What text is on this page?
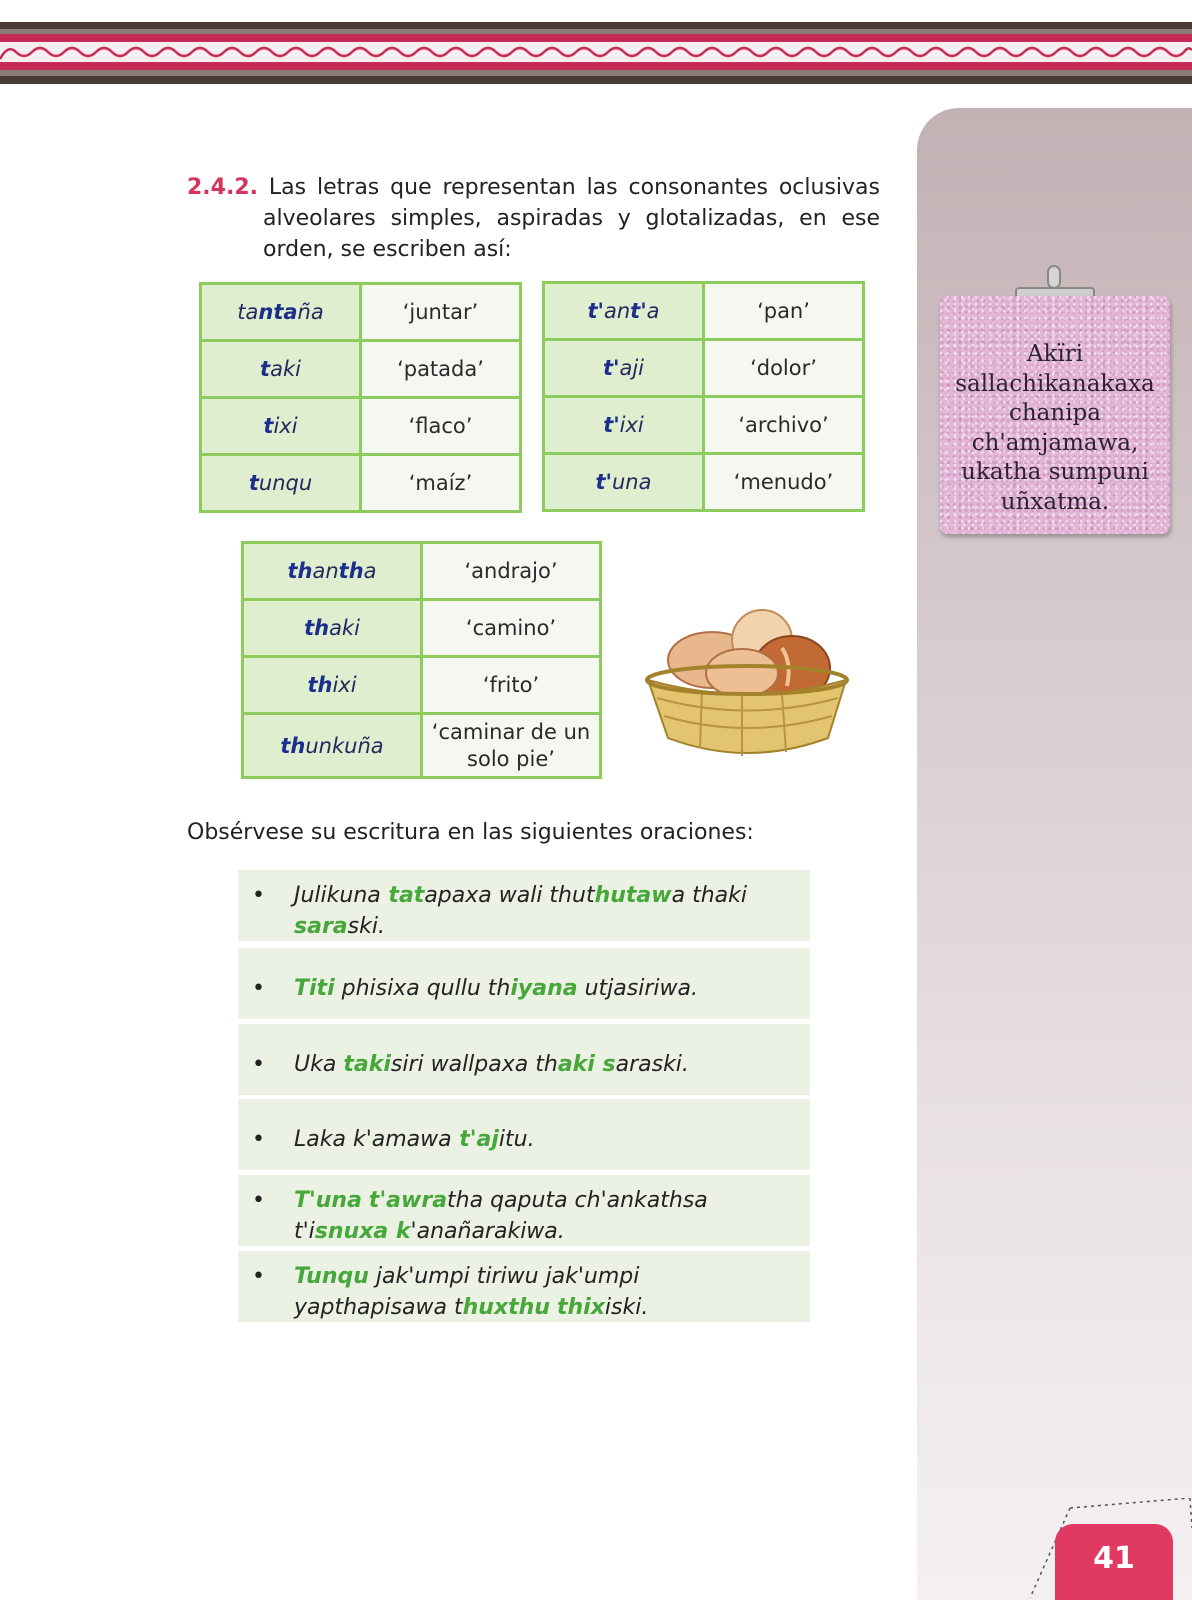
Akïri
sallachikanakaxa
chanipa
ch'amjamawa,
ukatha sumpuni
uñxatma.
2.4.2. Las letras que representan las consonantes oclusivas alveolares simples, aspiradas y glotalizadas, en ese orden, se escriben así:
tantaña	‘juntar’
taki	‘patada’
tixi	‘flaco’
tunqu	‘maíz’
t'ant'a	‘pan’
t'aji	‘dolor’
t'ixi	‘archivo’
t'una	‘menudo’
thantha	‘andrajo’
thaki	‘camino’
thixi	‘frito’
thunkuña	‘caminar de un solo pie’
Obsérvese su escritura en las siguientes oraciones:
• Julikuna tatapaxa wali thuthutawa thaki saraski.
• Titi phisixa qullu thiyana utjasiriwa.
• Uka takisiri wallpaxa thaki saraski.
• Laka k'amawa t'ajitu.
• T'una t'awratha qaputa ch'ankathsa t'isnuxa k'anañarakiwa.
• Tunqu jak'umpi tiriwu jak'umpi yapthapisawa thuxthu thixiski.
41
